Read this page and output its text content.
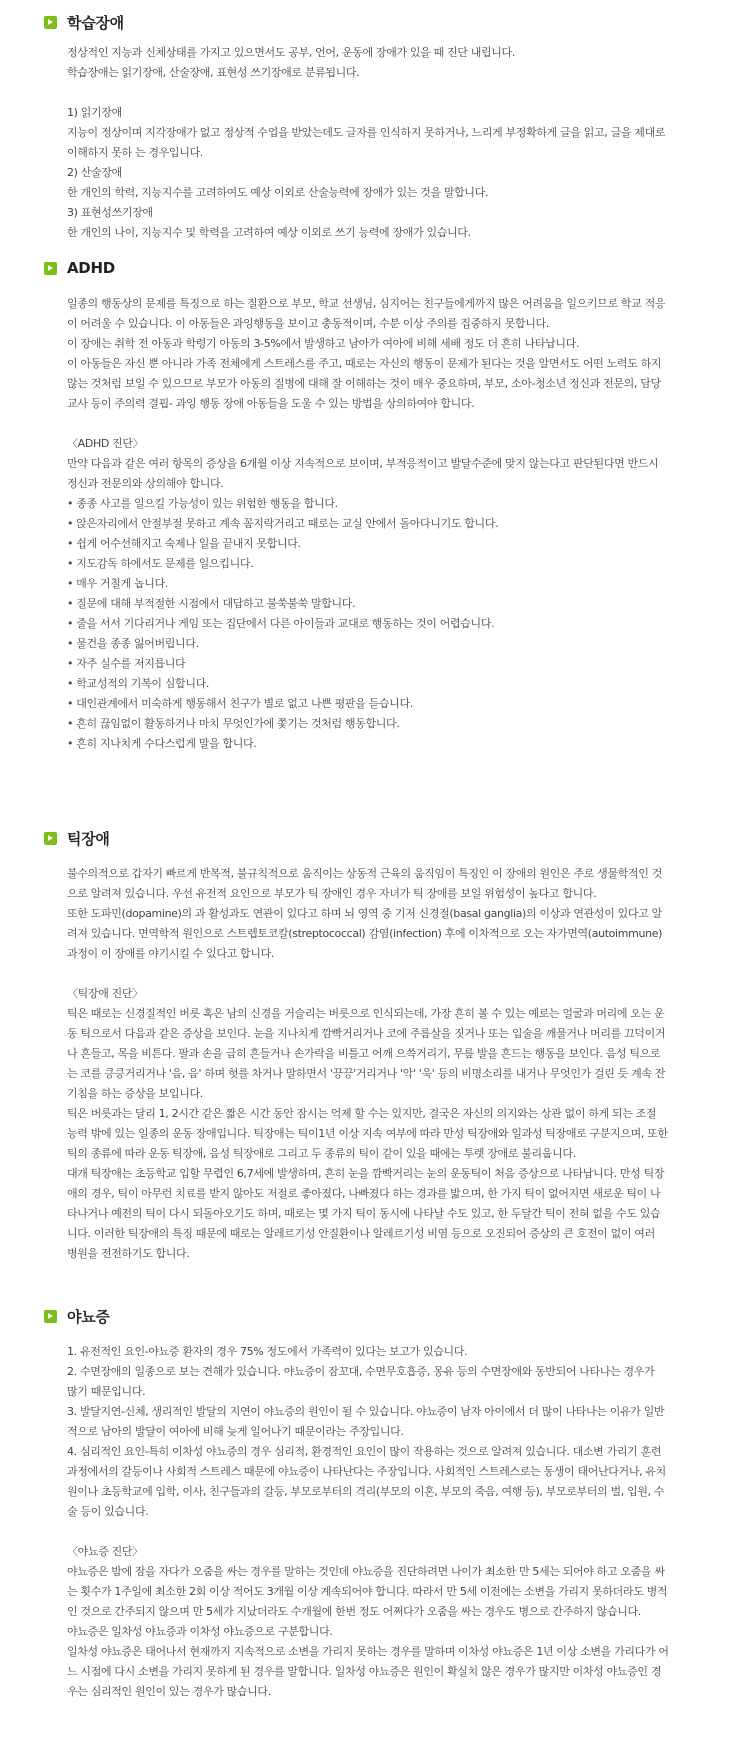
학습장애
정상적인 지능과 신체상태를 가지고 있으면서도 공부, 언어, 운동에 장애가 있을 때 진단 내립니다.
학습장애는 읽기장애, 산술장애, 표현성 쓰기장애로 분류됩니다.
1) 읽기장애
지능이 정상이며 지각장애가 없고 정상적 수업을 받았는데도 글자를 인식하지 못하거나, 느리게 부정확하게 글을 읽고, 글을 제대로
이해하지 못하 는 경우입니다.
2) 산술장애
한 개인의 학력, 지능지수를 고려하여도 예상 이외로 산술능력에 장애가 있는 것을 말합니다.
3) 표현성쓰기장애
한 개인의 나이, 지능지수 및 학력을 고려하여 예상 이외로 쓰기 능력에 장애가 있습니다.
ADHD
일종의 행동상의 문제를 특징으로 하는 질환으로 부모, 학교 선생님, 심지어는 친구들에게까지 많은 어려움을 일으키므로 학교 적응
이 어려울 수 있습니다. 이 아동들은 과잉행동을 보이고 충동적이며, 수분 이상 주의를 집중하지 못합니다.
이 장애는 취학 전 아동과 학령기 아동의 3-5%에서 발생하고 남아가 여아에 비해 세배 정도 더 흔히 나타납니다.
이 아동들은 자신 뿐 아니라 가족 전체에게 스트레스를 주고, 때로는 자신의 행동이 문제가 된다는 것을 알면서도 어떤 노력도 하지
않는 것처럼 보일 수 있으므로 부모가 아동의 질병에 대해 잘 이해하는 것이 매우 중요하며, 부모, 소아-청소년 정신과 전문의, 담당
교사 등이 주의력 결핍- 과잉 행동 장애 아동들을 도울 수 있는 방법을 상의하여야 합니다.
〈ADHD 진단〉
만약 다음과 같은 여러 항목의 증상을 6개월 이상 지속적으로 보이며, 부적응적이고 발달수준에 맞지 않는다고 판단된다면 반드시
정신과 전문의와 상의해야 합니다.
• 종종 사고를 일으킬 가능성이 있는 위험한 행동을 합니다.
• 앉은자리에서 안절부절 못하고 계속 꼼지락거리고 때로는 교실 안에서 돌아다니기도 합니다.
• 쉽게 어수선해지고 숙제나 일을 끝내지 못합니다.
• 지도감독 하에서도 문제를 일으킵니다.
• 매우 거칠게 놉니다.
• 질문에 대해 부적절한 시점에서 대답하고 불쑥불쑥 말합니다.
• 줄을 서서 기다리거나 게임 또는 집단에서 다른 아이들과 교대로 행동하는 것이 어렵습니다.
• 물건을 종종 잃어버립니다.
• 자주 실수를 저지릅니다
• 학교성적의 기복이 심합니다.
• 대인관계에서 미숙하게 행동해서 친구가 별로 없고 나쁜 평판을 듣습니다.
• 흔히 끊임없이 활동하거나 마치 무엇인가에 쫓기는 것처럼 행동합니다.
• 흔히 지나치게 수다스럽게 말을 합니다.
틱장애
불수의적으로 갑자기 빠르게 반복적, 불규칙적으로 움직이는 상동적 근육의 움직임이 특징인 이 장애의 원인은 주로 생물학적인 것
으로 알려져 있습니다. 우선 유전적 요인으로 부모가 틱 장애인 경우 자녀가 틱 장애를 보일 위험성이 높다고 합니다.
또한 도파민(dopamine)의 과 활성과도 연관이 있다고 하며 뇌 영역 중 기저 신경절(basal ganglia)의 이상과 연관성이 있다고 알
려져 있습니다. 면역학적 원인으로 스트렙토코칼(streptococcal) 감염(infection) 후에 이차적으로 오는 자가면역(autoimmune)
과정이 이 장애를 야기시킬 수 있다고 합니다.
〈틱장애 진단〉
틱은 때로는 신경질적인 버릇 혹은 남의 신경을 거슬리는 버릇으로 인식되는데, 가장 흔히 볼 수 있는 예로는 얼굴과 머리에 오는 운
동 틱으로서 다음과 같은 증상을 보인다. 눈을 지나치게 깜빡거리거나 코에 주름살을 짓거나 또는 입술을 깨물거나 머리를 끄덕이거
나 흔들고, 목을 비튼다. 팔과 손을 급히 흔들거나 손가락을 비틀고 어깨 으쓱거리기, 무릎 발을 흔드는 행동을 보인다. 음성 틱으로
는 코를 킁킁거리거나 '음, 음' 하며 헛를 차거나 말하면서 '끙끙'거리거나 '악' '욱' 등의 비명소리를 내거나 무엇인가 걸린 듯 계속 잔
기침을 하는 증상을 보입니다.
틱은 버릇과는 달리 1, 2시간 같은 짧은 시간 동안 잠시는 억제 할 수는 있지만, 결국은 자신의 의지와는 상관 없이 하게 되는 조절
능력 밖에 있는 일종의 운동 장애입니다. 틱장애는 틱이1년 이상 지속 여부에 따라 만성 틱장애와 일과성 틱장애로 구분지으며, 또한
틱의 종류에 따라 운동 틱장애, 음성 틱장애로 그리고 두 종류의 틱이 같이 있을 때에는 투렛 장애로 불리웁니다.
대개 틱장애는 초등학교 입할 무렵인 6,7세에 발생하며, 흔히 눈을 깜빡거리는 눈의 운동틱이 처음 증상으로 나타납니다. 만성 틱장
애의 경우, 틱이 아무런 치료를 받지 않아도 저절로 좋아졌다, 나빠졌다 하는 경과를 밟으며, 한 가지 틱이 없어지면 새로운 틱이 나
타나거나 예전의 틱이 다시 되돌아오기도 하며, 때로는 몇 가지 틱이 동시에 나타날 수도 있고, 한 두달간 틱이 전혀 없을 수도 있습
니다. 이러한 틱장애의 특징 때문에 때로는 알레르기성 안질환이나 알레르기성 비염 등으로 오진되어 증상의 큰 호전이 없이 여러
병원을 전전하기도 합니다.
야뇨증
1. 유전적인 요인-야뇨증 환자의 경우 75% 정도에서 가족력이 있다는 보고가 있습니다.
2. 수면장애의 일종으로 보는 견해가 있습니다. 야뇨증이 잠꼬대, 수면무호흡증, 몽유 등의 수면장애와 동반되어 나타나는 경우가
많기 때문입니다.
3. 발달지연-신체, 생리적인 발달의 지연이 야뇨증의 원인이 될 수 있습니다. 야뇨증이 남자 아이에서 더 많이 나타나는 이유가 일반
적으로 남아의 발달이 여아에 비해 늦게 일어나기 때문이라는 주장입니다.
4. 심리적인 요인-특히 이차성 야뇨증의 경우 심리적, 환경적인 요인이 많이 작용하는 것으로 알려져 있습니다. 대소변 가리기 훈련
과정에서의 갈등이나 사회적 스트레스 때문에 야뇨증이 나타난다는 주장입니다. 사회적인 스트레스로는 동생이 태어난다거나, 유치
원이나 초등학교에 입학, 이사, 친구들과의 갈등, 부모로부터의 격리(부모의 이혼, 부모의 죽음, 여행 등), 부모로부터의 벌, 입원, 수
술 등이 있습니다.
〈야뇨증 진단〉
야뇨증은 밤에 잠을 자다가 오줌을 싸는 경우를 말하는 것인데 야뇨증을 진단하려면 나이가 최소한 만 5세는 되어야 하고 오줌을 싸
는 횟수가 1주일에 최소한 2회 이상 적어도 3개월 이상 계속되어야 합니다. 따라서 만 5세 이전에는 소변을 가리지 못하더라도 병적
인 것으로 간주되지 않으며 만 5세가 지났더라도 수개월에 한번 정도 어쩌다가 오줌을 싸는 경우도 병으로 간주하지 않습니다.
야뇨증은 일차성 야뇨증과 이차성 야뇨증으로 구분합니다.
일차성 야뇨증은 태어나서 현재까지 지속적으로 소변을 가리지 못하는 경우를 말하며 이차성 야뇨증은 1년 이상 소변을 가리다가 어
느 시점에 다시 소변을 가리지 못하게 된 경우를 말합니다. 일차성 야뇨증은 원인이 확실치 않은 경우가 많지만 이차성 야뇨증인 경
우는 심리적인 원인이 있는 경우가 많습니다.
